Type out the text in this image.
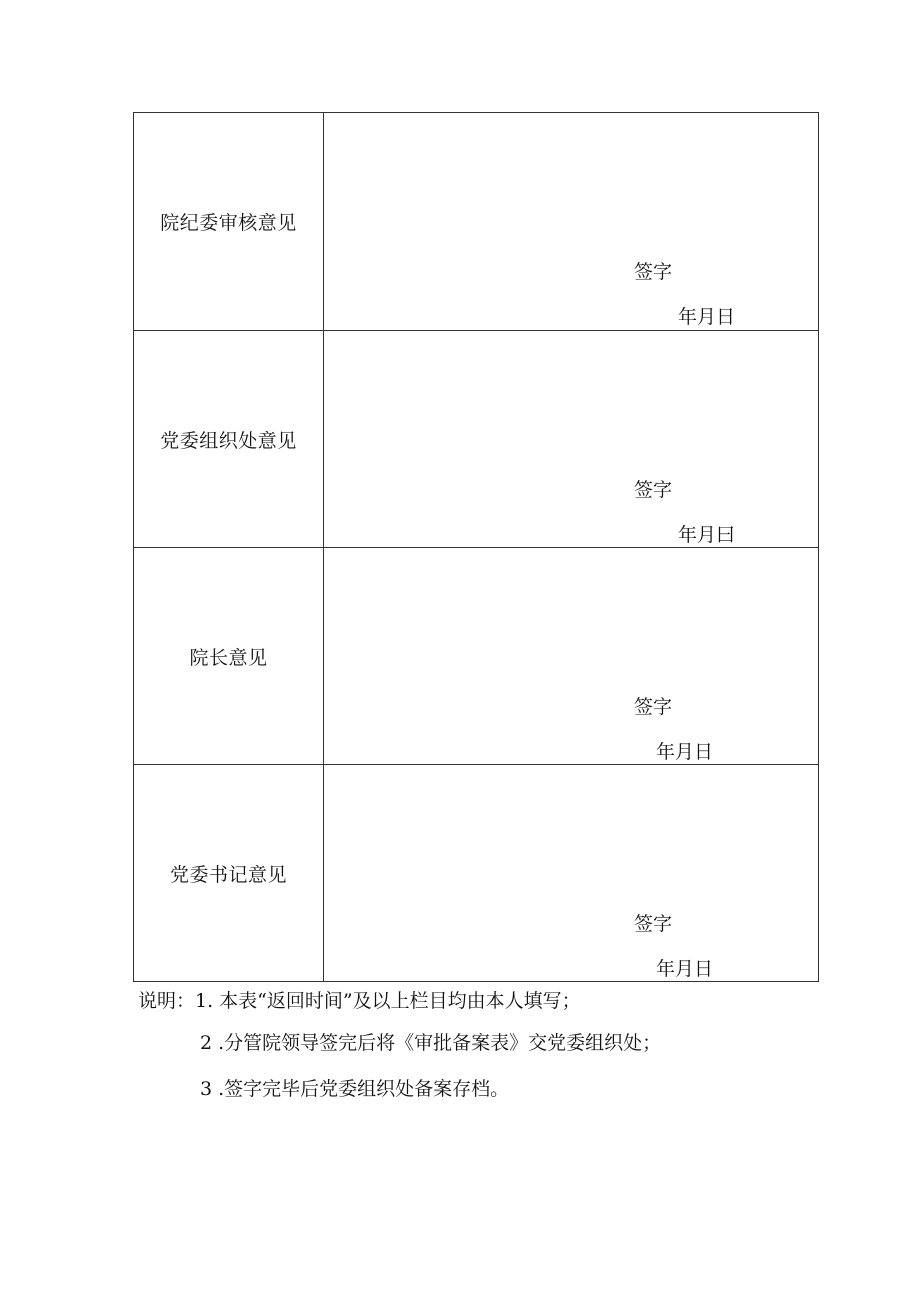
院纪委审核意见
签字
年月日
党委组织处意见
签字
年月曰
院长意见
签字
年月日
党委书记意见
签字
年月日
说明：1. 本表“返回时间”及以上栏目均由本人填写；
2 .分管院领导签完后将《审批备案表》交党委组织处；
3 .签字完毕后党委组织处备案存档。
